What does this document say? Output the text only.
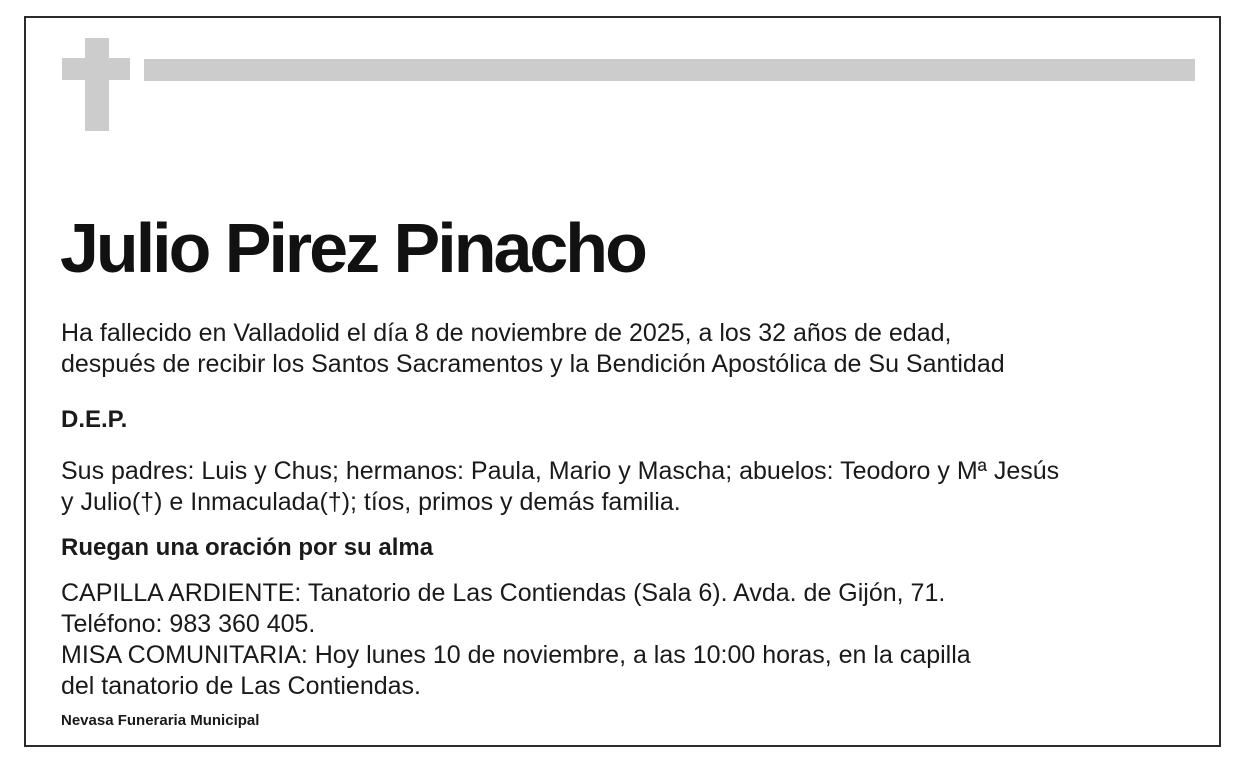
Julio Pirez Pinacho

Ha fallecido en Valladolid el día 8 de noviembre de 2025, a los 32 años de edad,
después de recibir los Santos Sacramentos y la Bendición Apostólica de Su Santidad

D.E.P.

Sus padres: Luis y Chus; hermanos: Paula, Mario y Mascha; abuelos: Teodoro y Mª Jesús
y Julio(†) e Inmaculada(†); tíos, primos y demás familia.

Ruegan una oración por su alma

CAPILLA ARDIENTE: Tanatorio de Las Contiendas (Sala 6). Avda. de Gijón, 71.
Teléfono: 983 360 405.
MISA COMUNITARIA: Hoy lunes 10 de noviembre, a las 10:00 horas, en la capilla
del tanatorio de Las Contiendas.

Nevasa Funeraria Municipal
